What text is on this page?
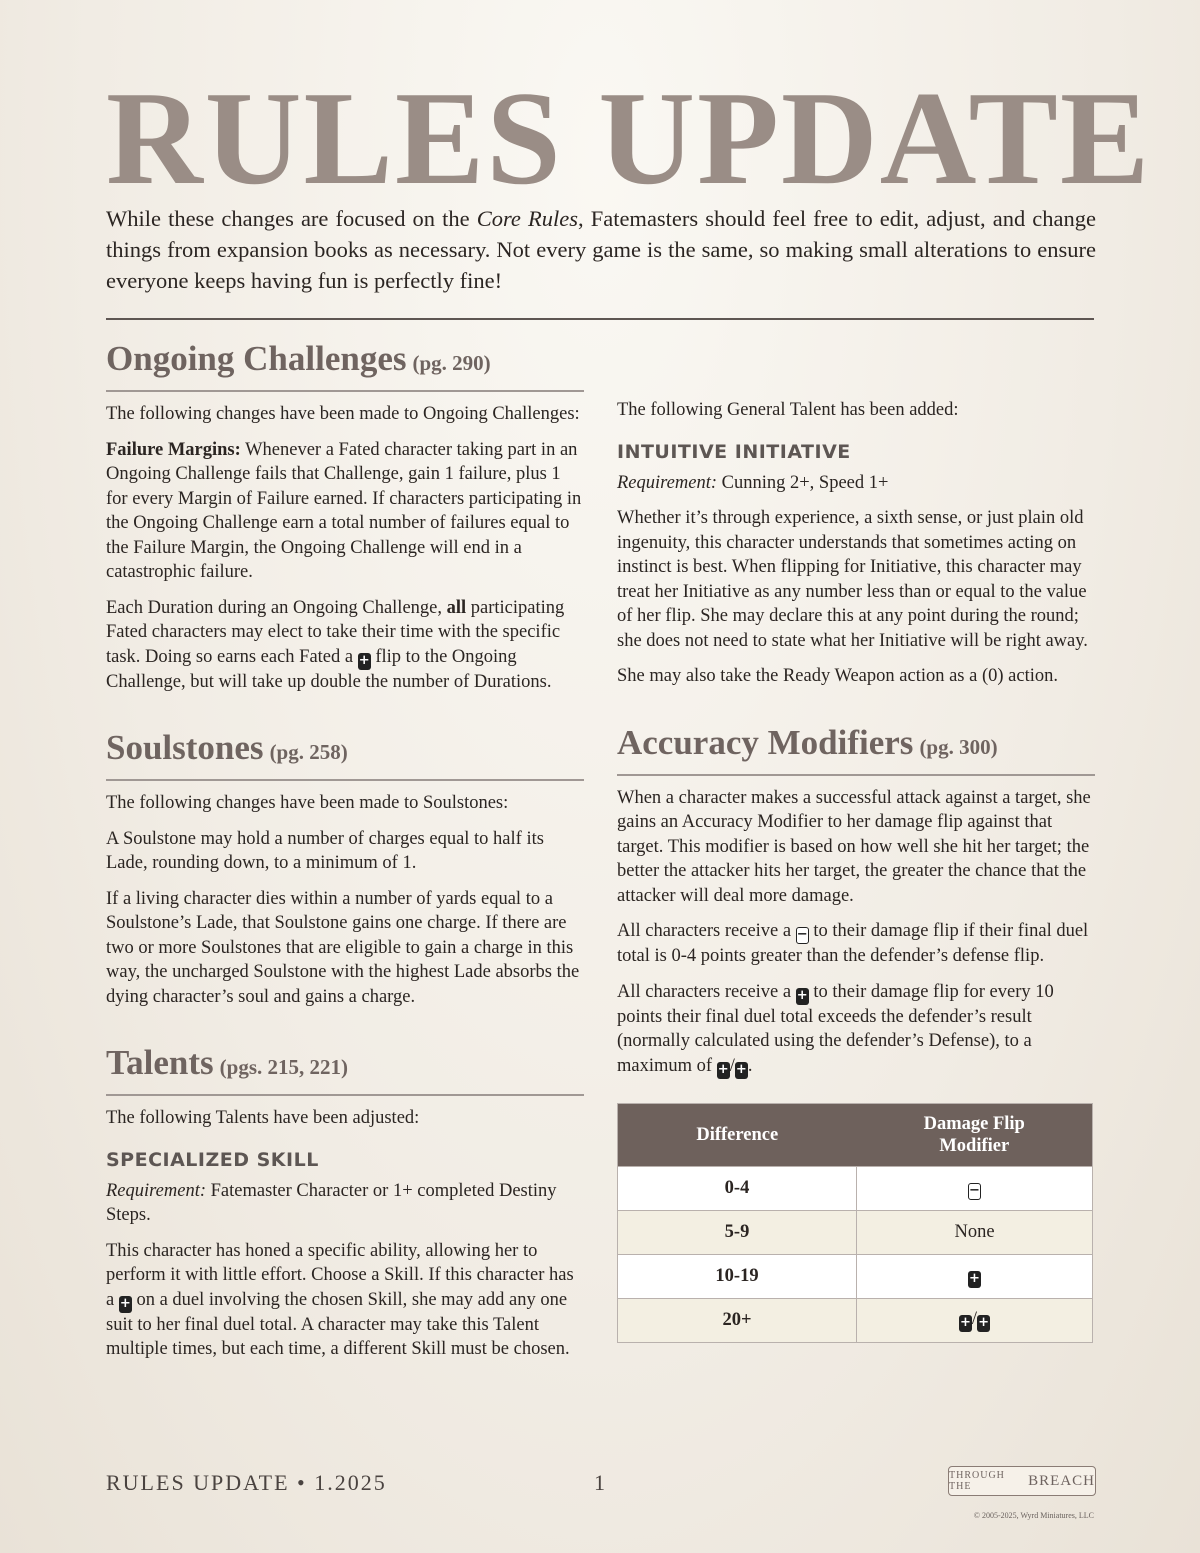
RULES UPDATE

While these changes are focused on the Core Rules, Fatemasters should feel free to edit, adjust, and change things from expansion books as necessary. Not every game is the same, so making small alterations to ensure everyone keeps having fun is perfectly fine!

Ongoing Challenges (pg. 290)

The following changes have been made to Ongoing Challenges:

Failure Margins: Whenever a Fated character taking part in an Ongoing Challenge fails that Challenge, gain 1 failure, plus 1 for every Margin of Failure earned. If characters participating in the Ongoing Challenge earn a total number of failures equal to the Failure Margin, the Ongoing Challenge will end in a catastrophic failure.

Each Duration during an Ongoing Challenge, all participating Fated characters may elect to take their time with the specific task. Doing so earns each Fated a + flip to the Ongoing Challenge, but will take up double the number of Durations.

Soulstones (pg. 258)

The following changes have been made to Soulstones:

A Soulstone may hold a number of charges equal to half its Lade, rounding down, to a minimum of 1.

If a living character dies within a number of yards equal to a Soulstone’s Lade, that Soulstone gains one charge. If there are two or more Soulstones that are eligible to gain a charge in this way, the uncharged Soulstone with the highest Lade absorbs the dying character’s soul and gains a charge.

Talents (pgs. 215, 221)

The following Talents have been adjusted:

SPECIALIZED SKILL

Requirement: Fatemaster Character or 1+ completed Destiny Steps.

This character has honed a specific ability, allowing her to perform it with little effort. Choose a Skill. If this character has a + on a duel involving the chosen Skill, she may add any one suit to her final duel total. A character may take this Talent multiple times, but each time, a different Skill must be chosen.

The following General Talent has been added:

INTUITIVE INITIATIVE

Requirement: Cunning 2+, Speed 1+

Whether it’s through experience, a sixth sense, or just plain old ingenuity, this character understands that sometimes acting on instinct is best. When flipping for Initiative, this character may treat her Initiative as any number less than or equal to the value of her flip. She may declare this at any point during the round; she does not need to state what her Initiative will be right away.

She may also take the Ready Weapon action as a (0) action.

Accuracy Modifiers (pg. 300)

When a character makes a successful attack against a target, she gains an Accuracy Modifier to her damage flip against that target. This modifier is based on how well she hit her target; the better the attacker hits her target, the greater the chance that the attacker will deal more damage.

All characters receive a − to their damage flip if their final duel total is 0-4 points greater than the defender’s defense flip.

All characters receive a + to their damage flip for every 10 points their final duel total exceeds the defender’s result (normally calculated using the defender’s Defense), to a maximum of +/+.

Difference	Damage Flip
Modifier
0-4	−
5-9	None
10-19	+
20+	+/+
RULES UPDATE • 1.2025	1	THROUGH THE	BREACH
© 2005-2025, Wyrd Miniatures, LLC
